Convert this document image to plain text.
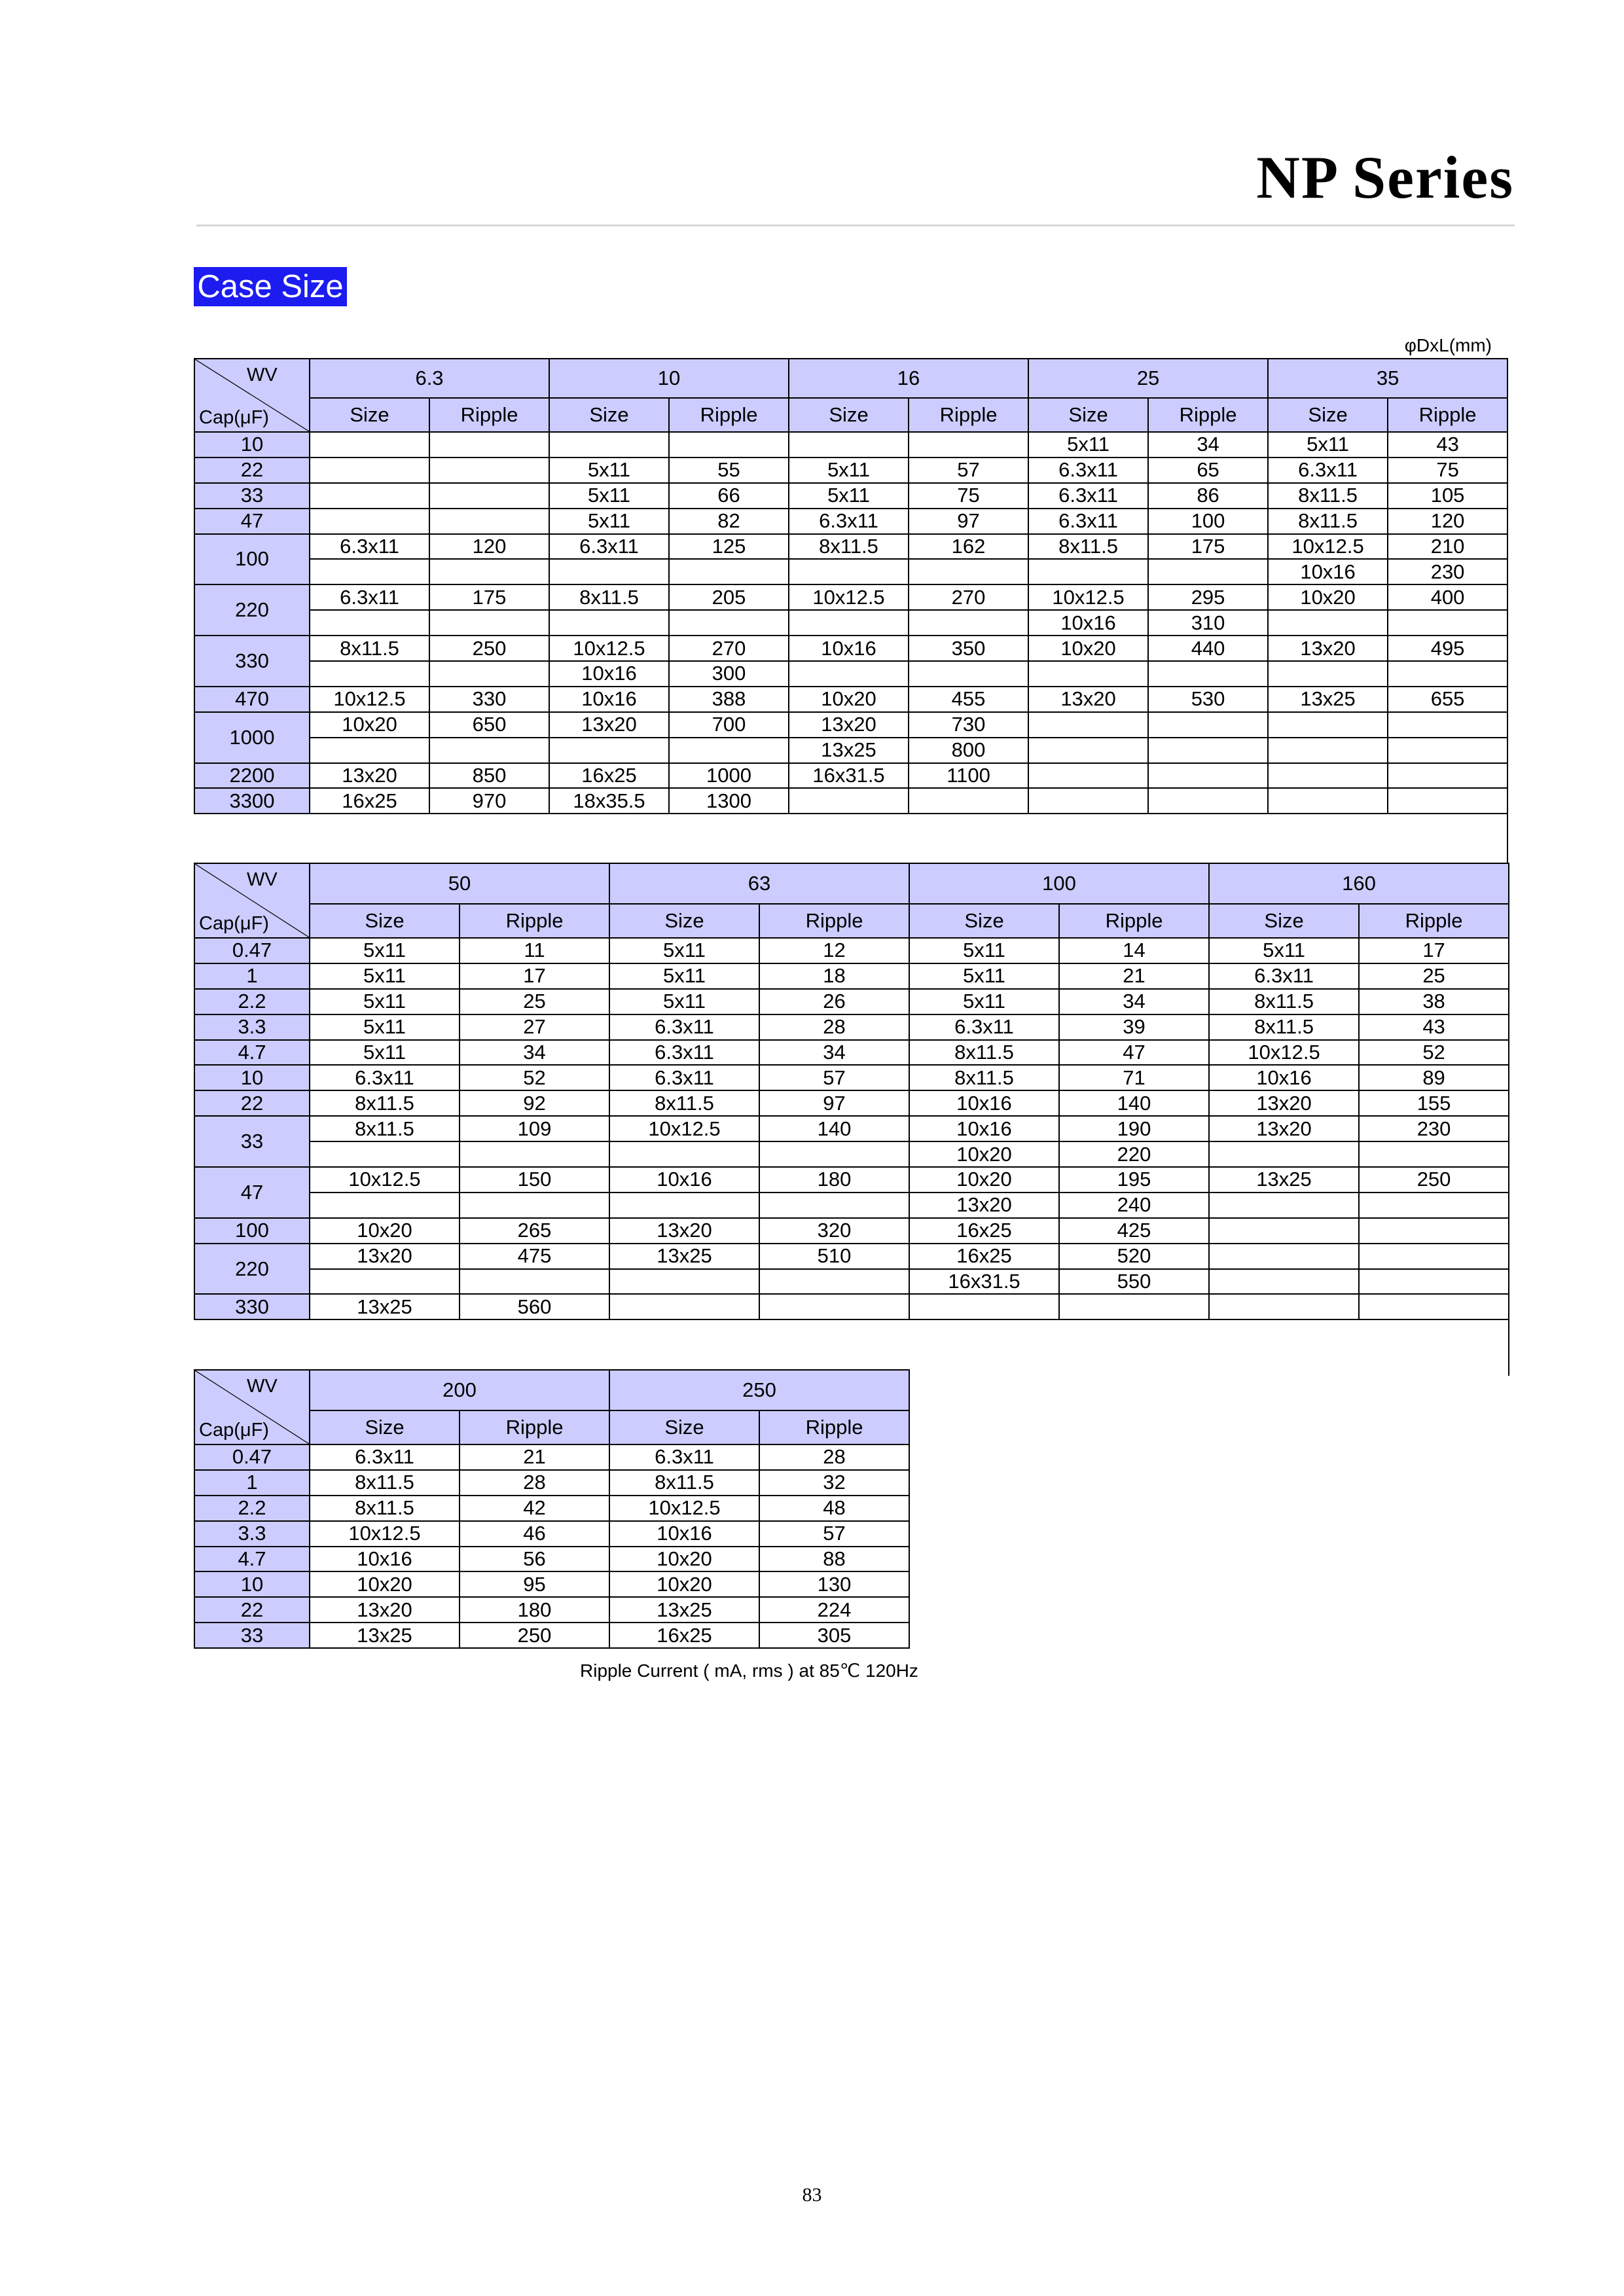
NP Series
Case Size
φDxL(mm)
WV
Cap(μF)	6.3		10		16		25		35	
	Size	Ripple	Size	Ripple	Size	Ripple	Size	Ripple	Size	Ripple
10							5x11	34	5x11	43
22			5x11	55	5x11	57	6.3x11	65	6.3x11	75
33			5x11	66	5x11	75	6.3x11	86	8x11.5	105
47			5x11	82	6.3x11	97	6.3x11	100	8x11.5	120
100	6.3x11	120	6.3x11	125	8x11.5	162	8x11.5	175	10x12.5	210
									10x16	230
220	6.3x11	175	8x11.5	205	10x12.5	270	10x12.5	295	10x20	400
							10x16	310		
330	8x11.5	250	10x12.5	270	10x16	350	10x20	440	13x20	495
			10x16	300						
470	10x12.5	330	10x16	388	10x20	455	13x20	530	13x25	655
1000	10x20	650	13x20	700	13x20	730				
					13x25	800				
2200	13x20	850	16x25	1000	16x31.5	1100				
3300	16x25	970	18x35.5	1300						
WV
Cap(μF)	50		63		100		160	
	Size	Ripple	Size	Ripple	Size	Ripple	Size	Ripple
0.47	5x11	11	5x11	12	5x11	14	5x11	17
1	5x11	17	5x11	18	5x11	21	6.3x11	25
2.2	5x11	25	5x11	26	5x11	34	8x11.5	38
3.3	5x11	27	6.3x11	28	6.3x11	39	8x11.5	43
4.7	5x11	34	6.3x11	34	8x11.5	47	10x12.5	52
10	6.3x11	52	6.3x11	57	8x11.5	71	10x16	89
22	8x11.5	92	8x11.5	97	10x16	140	13x20	155
33	8x11.5	109	10x12.5	140	10x16	190	13x20	230
					10x20	220		
47	10x12.5	150	10x16	180	10x20	195	13x25	250
					13x20	240		
100	10x20	265	13x20	320	16x25	425		
220	13x20	475	13x25	510	16x25	520		
					16x31.5	550		
330	13x25	560						
WV
Cap(μF)	200		250	
	Size	Ripple	Size	Ripple
0.47	6.3x11	21	6.3x11	28
1	8x11.5	28	8x11.5	32
2.2	8x11.5	42	10x12.5	48
3.3	10x12.5	46	10x16	57
4.7	10x16	56	10x20	88
10	10x20	95	10x20	130
22	13x20	180	13x25	224
33	13x25	250	16x25	305
Ripple Current ( mA, rms ) at 85℃ 120Hz
83
